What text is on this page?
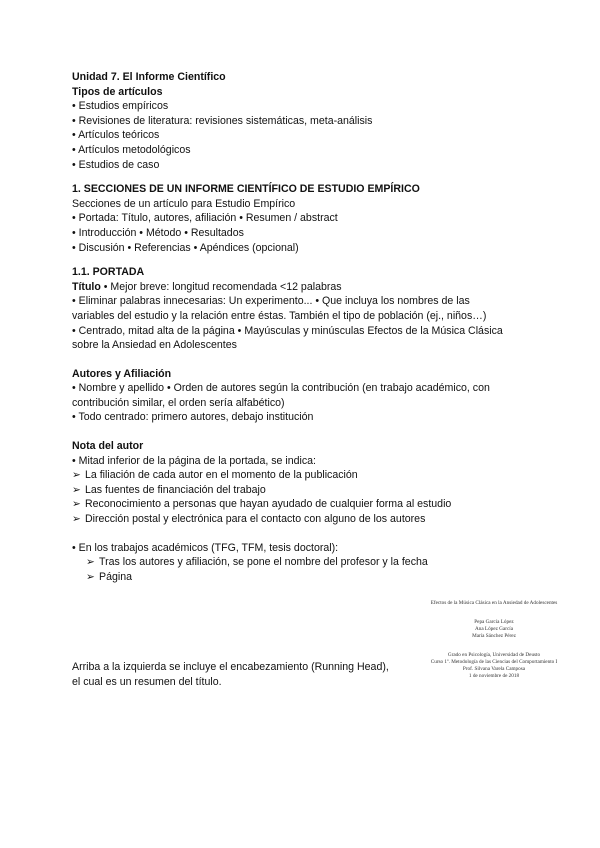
Unidad 7. El Informe Científico
Tipos de artículos
• Estudios empíricos
• Revisiones de literatura: revisiones sistemáticas, meta-análisis
• Artículos teóricos
• Artículos metodológicos
• Estudios de caso
1. SECCIONES DE UN INFORME CIENTÍFICO DE ESTUDIO EMPÍRICO
Secciones de un artículo para Estudio Empírico
• Portada: Título, autores, afiliación • Resumen / abstract
• Introducción • Método • Resultados
• Discusión • Referencias • Apéndices (opcional)
1.1. PORTADA
Título • Mejor breve: longitud recomendada <12 palabras
• Eliminar palabras innecesarias: Un experimento... • Que incluya los nombres de las
variables del estudio y la relación entre éstas. También el tipo de población (ej., niños…)
• Centrado, mitad alta de la página • Mayúsculas y minúsculas Efectos de la Música Clásica
sobre la Ansiedad en Adolescentes
Autores y Afiliación
• Nombre y apellido • Orden de autores según la contribución (en trabajo académico, con
contribución similar, el orden sería alfabético)
• Todo centrado: primero autores, debajo institución
Nota del autor
• Mitad inferior de la página de la portada, se indica:
➢ La filiación de cada autor en el momento de la publicación
➢ Las fuentes de financiación del trabajo
➢ Reconocimiento a personas que hayan ayudado de cualquier forma al estudio
➢ Dirección postal y electrónica para el contacto con alguno de los autores
• En los trabajos académicos (TFG, TFM, tesis doctoral):
➢ Tras los autores y afiliación, se pone el nombre del profesor y la fecha
➢ Página
Arriba a la izquierda se incluye el encabezamiento (Running Head),
el cual es un resumen del título.
Efectos de la Música Clásica en la Ansiedad de Adolescentes
Pepa García López
Ana López García
María Sánchez Pérez
Grado en Psicología, Universidad de Deusto
Curso 1º. Metodología de las Ciencias del Comportamiento I
Prof. Silvana Varela Camposa
1 de noviembre de 2018
